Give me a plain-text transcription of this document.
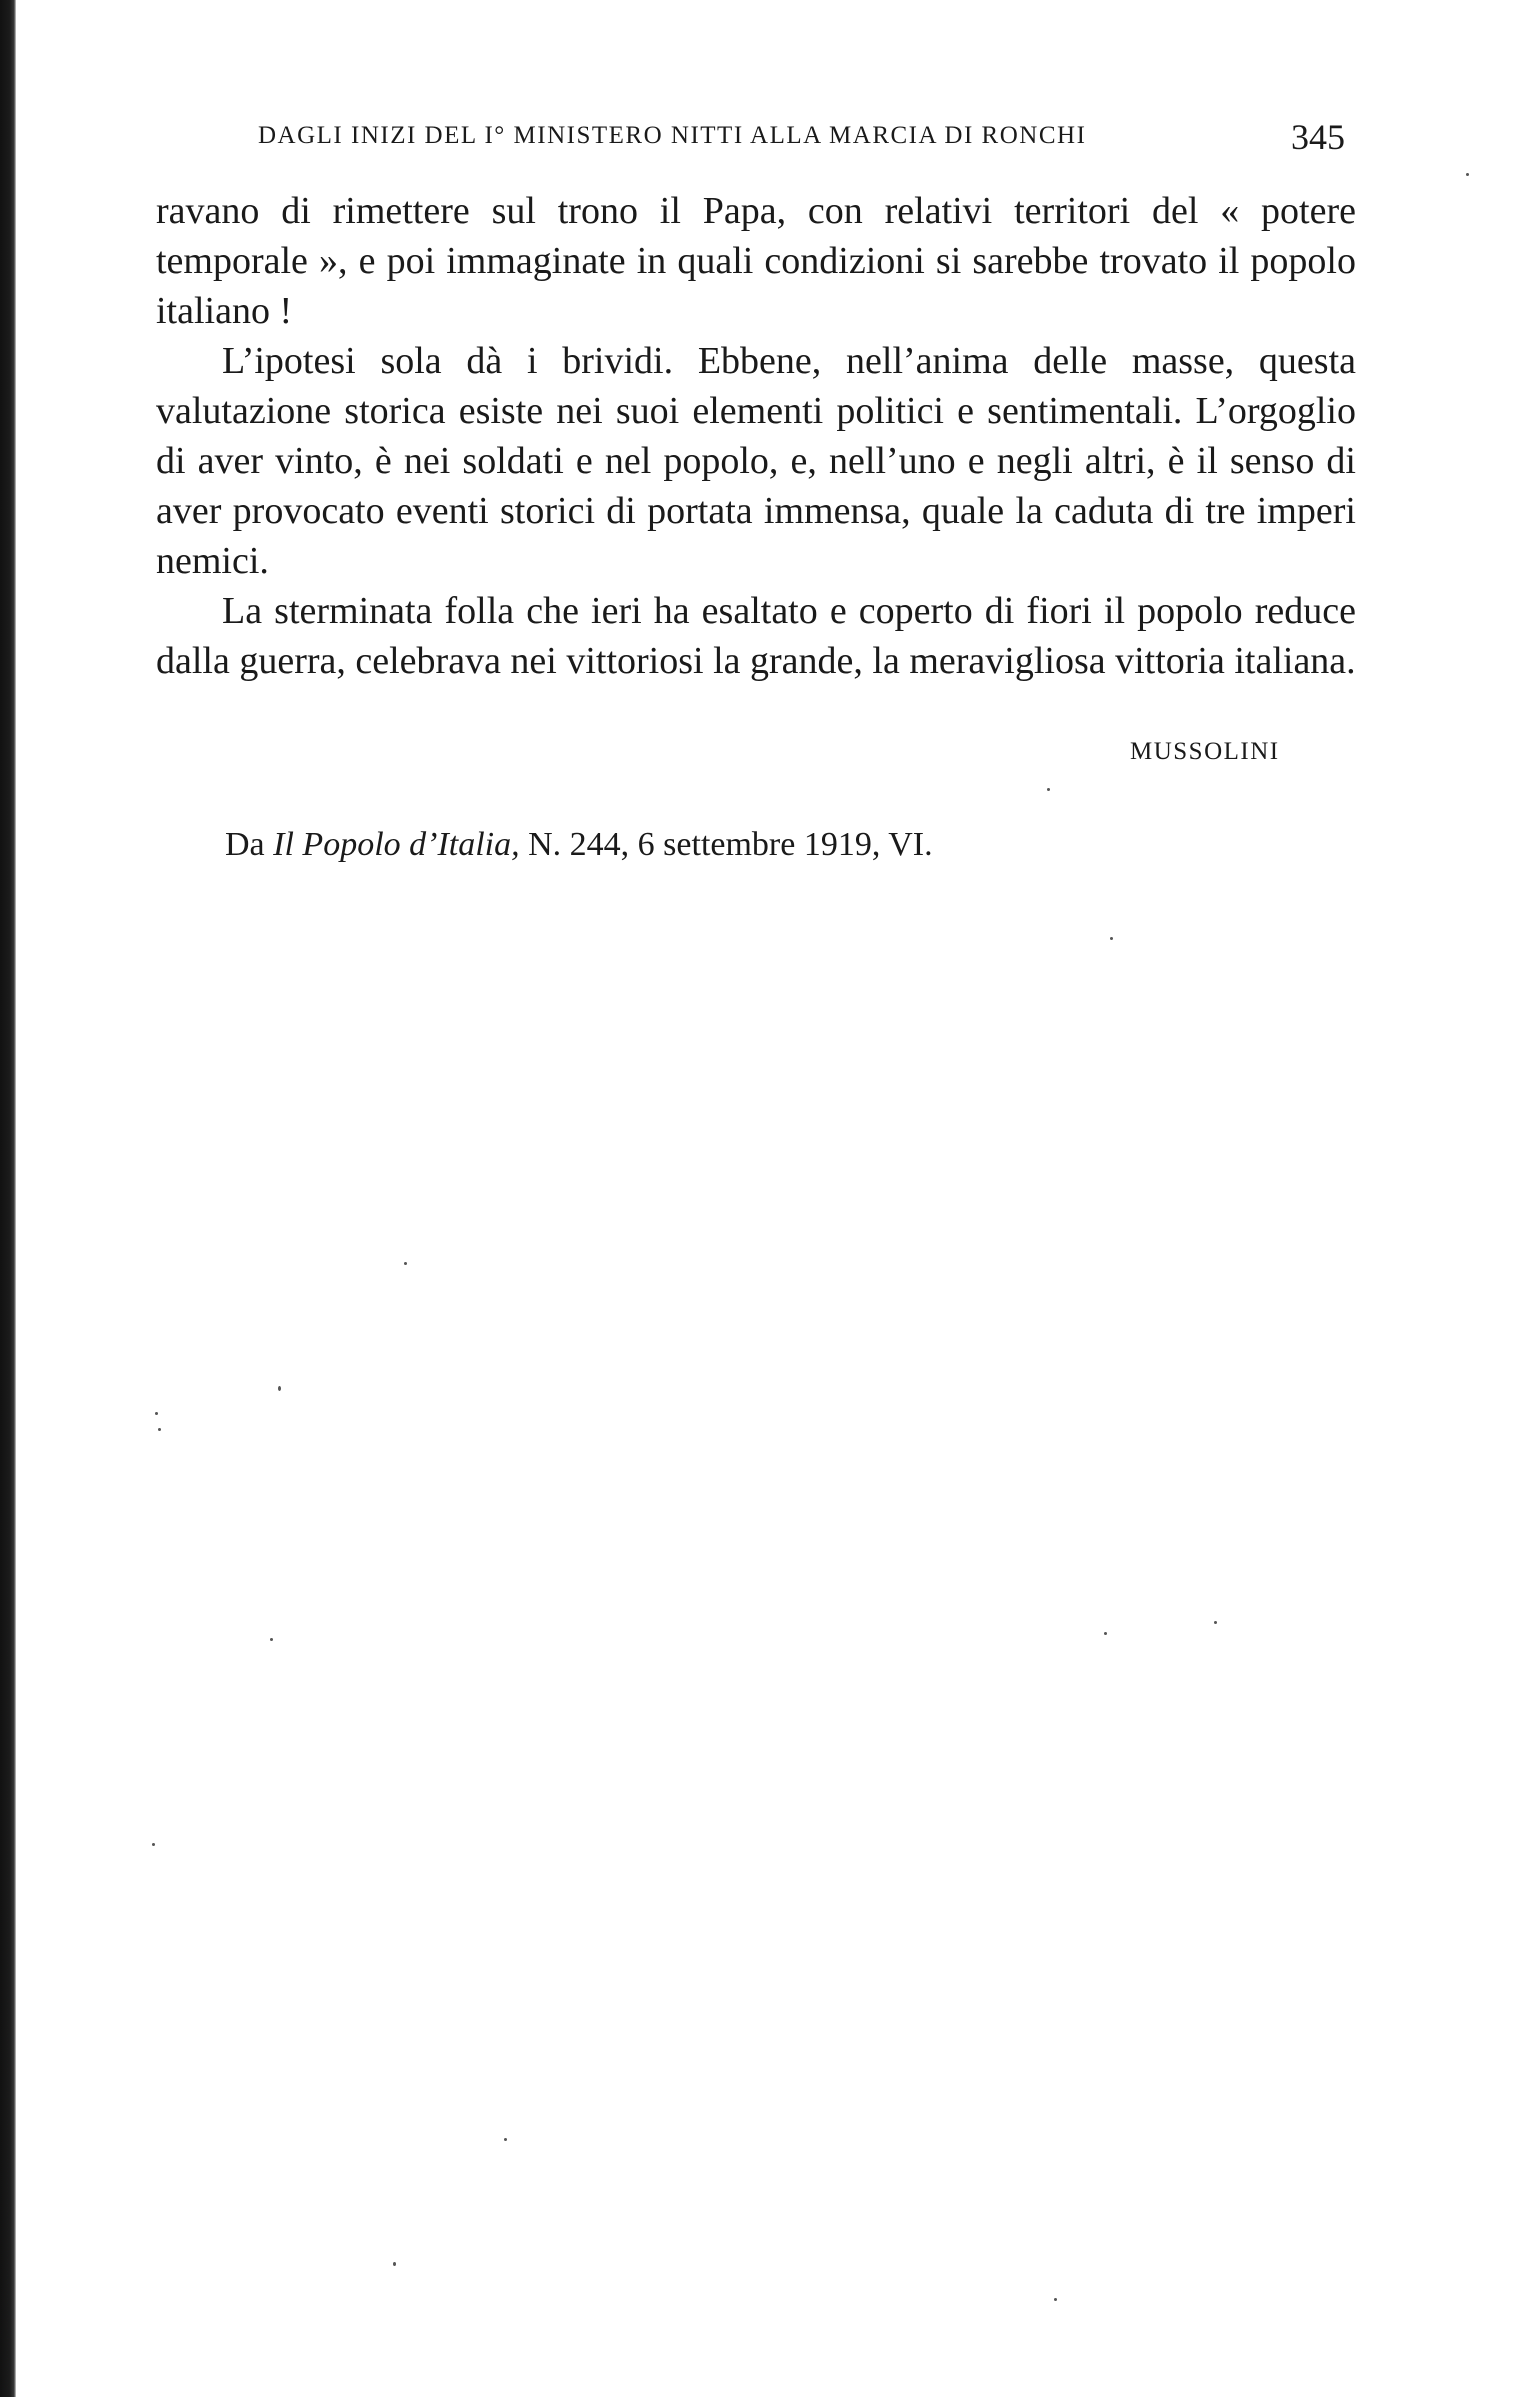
DAGLI INIZI DEL I° MINISTERO NITTI ALLA MARCIA DI RONCHI	345

ravano di rimettere sul trono il Papa, con relativi territori del « potere temporale », e poi immaginate in quali condizioni si sarebbe trovato il popolo italiano !

L’ipotesi sola dà i brividi. Ebbene, nell’anima delle masse, questa valutazione storica esiste nei suoi elementi politici e sentimentali. L’orgoglio di aver vinto, è nei soldati e nel popolo, e, nell’uno e negli altri, è il senso di aver provocato eventi storici di portata immensa, quale la caduta di tre imperi nemici.

La sterminata folla che ieri ha esaltato e coperto di fiori il popolo reduce dalla guerra, celebrava nei vittoriosi la grande, la meravigliosa vittoria italiana.

MUSSOLINI
Da Il Popolo d’Italia, N. 244, 6 settembre 1919, VI.
